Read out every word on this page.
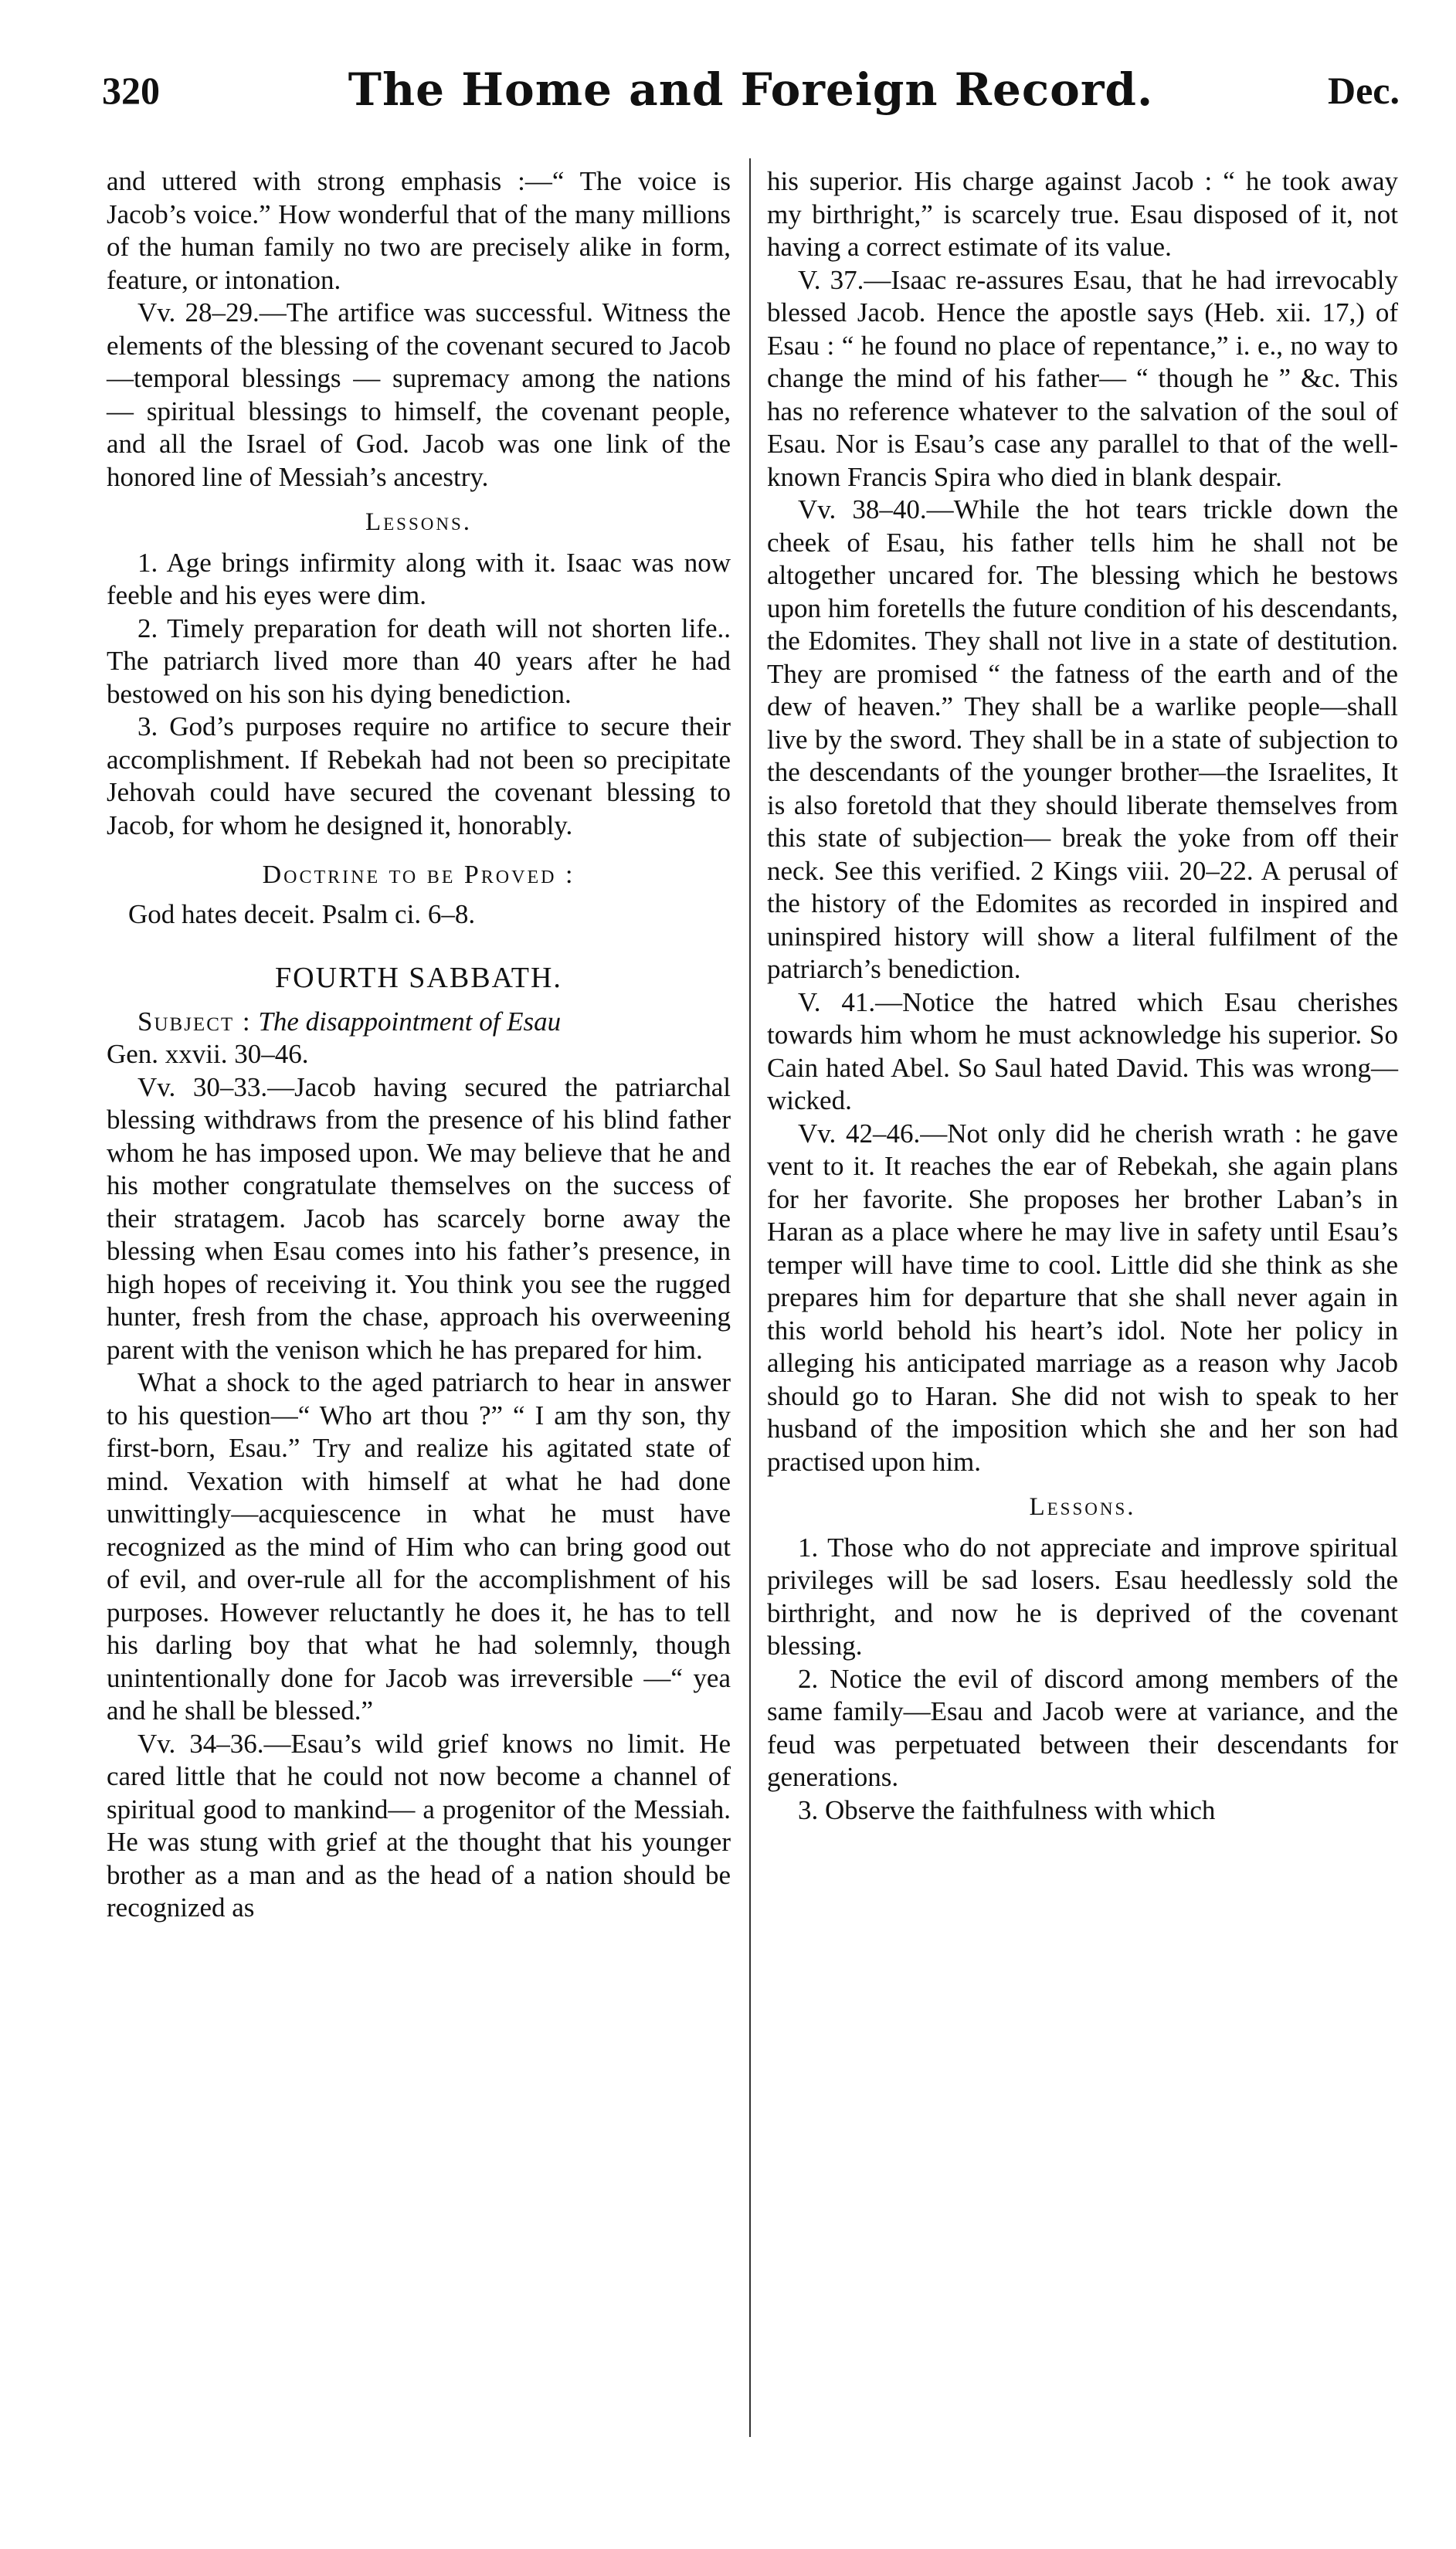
320	The Home and Foreign Record.	Dec.

and uttered with strong emphasis :—“ The voice is Jacob’s voice.” How wonderful that of the many millions of the human family no two are precisely alike in form, feature, or intonation.

Vv. 28–29.—The artifice was successful. Witness the elements of the blessing of the covenant secured to Jacob—temporal blessings — supremacy among the nations — spiritual blessings to himself, the covenant people, and all the Israel of God. Jacob was one link of the honored line of Messiah’s ancestry.

Lessons.

1. Age brings infirmity along with it. Isaac was now feeble and his eyes were dim.

2. Timely preparation for death will not shorten life.. The patriarch lived more than 40 years after he had bestowed on his son his dying benediction.

3. God’s purposes require no artifice to secure their accomplishment. If Rebekah had not been so precipitate Jehovah could have secured the covenant blessing to Jacob, for whom he designed it, honorably.

Doctrine to be Proved :

God hates deceit. Psalm ci. 6–8.

FOURTH SABBATH.

Subject : The disappointment of Esau

Gen. xxvii. 30–46.

Vv. 30–33.—Jacob having secured the patriarchal blessing withdraws from the presence of his blind father whom he has imposed upon. We may believe that he and his mother congratulate themselves on the success of their stratagem. Jacob has scarcely borne away the blessing when Esau comes into his father’s presence, in high hopes of receiving it. You think you see the rugged hunter, fresh from the chase, approach his overweening parent with the venison which he has prepared for him.

What a shock to the aged patriarch to hear in answer to his question—“ Who art thou ?” “ I am thy son, thy first-born, Esau.” Try and realize his agitated state of mind. Vexation with himself at what he had done unwittingly—acquiescence in what he must have recognized as the mind of Him who can bring good out of evil, and over-rule all for the accomplishment of his purposes. However reluctantly he does it, he has to tell his darling boy that what he had solemnly, though unintentionally done for Jacob was irreversible —“ yea and he shall be blessed.”

Vv. 34–36.—Esau’s wild grief knows no limit. He cared little that he could not now become a channel of spiritual good to mankind— a progenitor of the Messiah. He was stung with grief at the thought that his younger brother as a man and as the head of a nation should be recognized as

his superior. His charge against Jacob : “ he took away my birthright,” is scarcely true. Esau disposed of it, not having a correct estimate of its value.

V. 37.—Isaac re-assures Esau, that he had irrevocably blessed Jacob. Hence the apostle says (Heb. xii. 17,) of Esau : “ he found no place of repentance,” i. e., no way to change the mind of his father— “ though he ” &c. This has no reference whatever to the salvation of the soul of Esau. Nor is Esau’s case any parallel to that of the well-known Francis Spira who died in blank despair.

Vv. 38–40.—While the hot tears trickle down the cheek of Esau, his father tells him he shall not be altogether uncared for. The blessing which he bestows upon him foretells the future condition of his descendants, the Edomites. They shall not live in a state of destitution. They are promised “ the fatness of the earth and of the dew of heaven.” They shall be a warlike people—shall live by the sword. They shall be in a state of subjection to the descendants of the younger brother—the Israelites, It is also foretold that they should liberate themselves from this state of subjection— break the yoke from off their neck. See this verified. 2 Kings viii. 20–22. A perusal of the history of the Edomites as recorded in inspired and uninspired history will show a literal fulfilment of the patriarch’s benediction.

V. 41.—Notice the hatred which Esau cherishes towards him whom he must acknowledge his superior. So Cain hated Abel. So Saul hated David. This was wrong—wicked.

Vv. 42–46.—Not only did he cherish wrath : he gave vent to it. It reaches the ear of Rebekah, she again plans for her favorite. She proposes her brother Laban’s in Haran as a place where he may live in safety until Esau’s temper will have time to cool. Little did she think as she prepares him for departure that she shall never again in this world behold his heart’s idol. Note her policy in alleging his anticipated marriage as a reason why Jacob should go to Haran. She did not wish to speak to her husband of the imposition which she and her son had practised upon him.

Lessons.

1. Those who do not appreciate and improve spiritual privileges will be sad losers. Esau heedlessly sold the birthright, and now he is deprived of the covenant blessing.

2. Notice the evil of discord among members of the same family—Esau and Jacob were at variance, and the feud was perpetuated between their descendants for generations.

3. Observe the faithfulness with which
